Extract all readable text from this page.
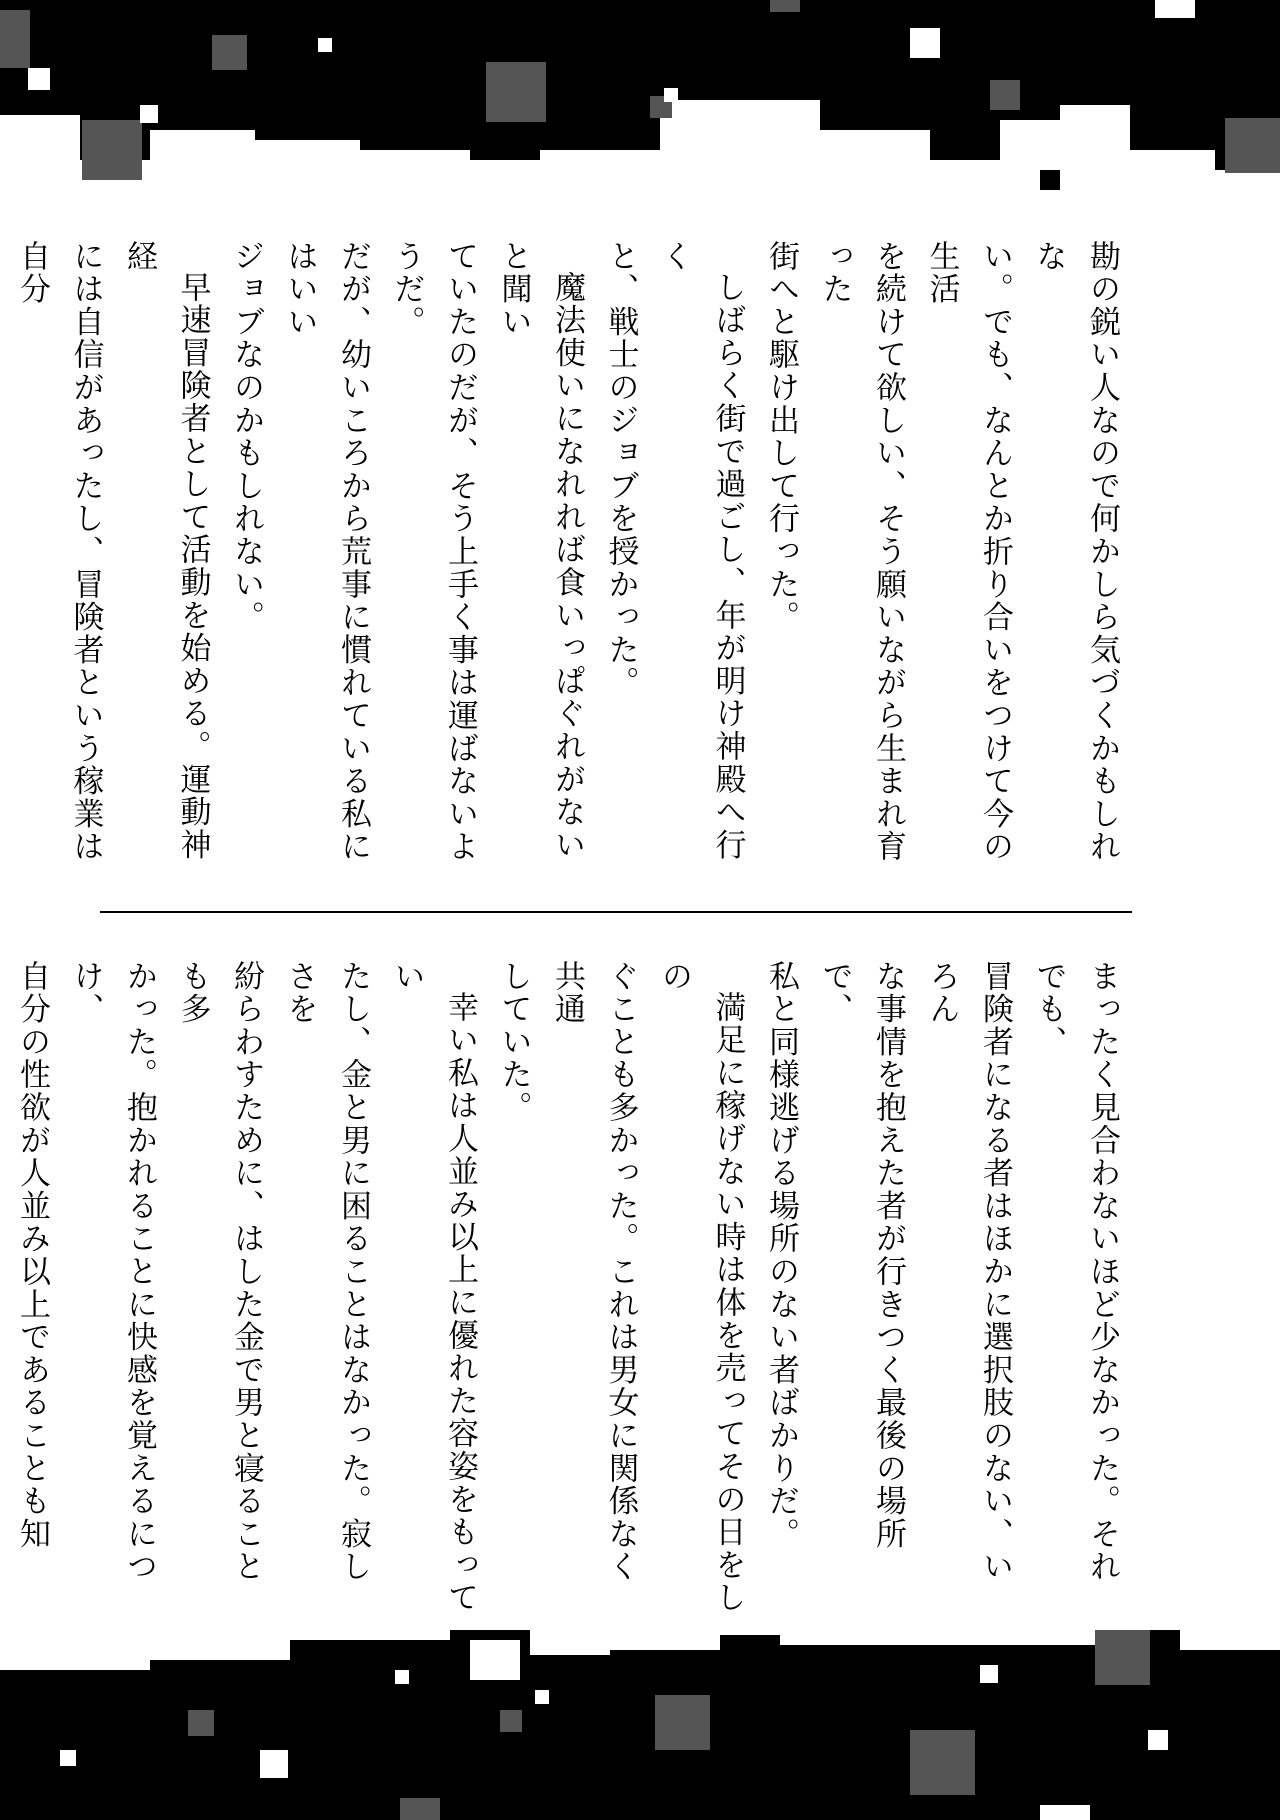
勘の鋭い人なので何かしら気づくかもしれな

い。でも、なんとか折り合いをつけて今の生活

を続けて欲しい、そう願いながら生まれ育った

街へと駆け出して行った。

しばらく街で過ごし、年が明け神殿へ行く

と、戦士のジョブを授かった。

魔法使いになれれば食いっぱぐれがないと聞い

ていたのだが、そう上手く事は運ばないようだ。

だが、幼いころから荒事に慣れている私にはいい

ジョブなのかもしれない。

早速冒険者として活動を始める。運動神経

には自信があったし、冒険者という稼業は自分

まったく見合わないほど少なかった。それでも、

冒険者になる者はほかに選択肢のない、いろん

な事情を抱えた者が行きつく最後の場所で、

私と同様逃げる場所のない者ばかりだ。

満足に稼げない時は体を売ってその日をしの

ぐことも多かった。これは男女に関係なく共通

していた。

幸い私は人並み以上に優れた容姿をもってい

たし、金と男に困ることはなかった。寂しさを

紛らわすために、はした金で男と寝ることも多

かった。抱かれることに快感を覚えるにつけ、

自分の性欲が人並み以上であることも知
